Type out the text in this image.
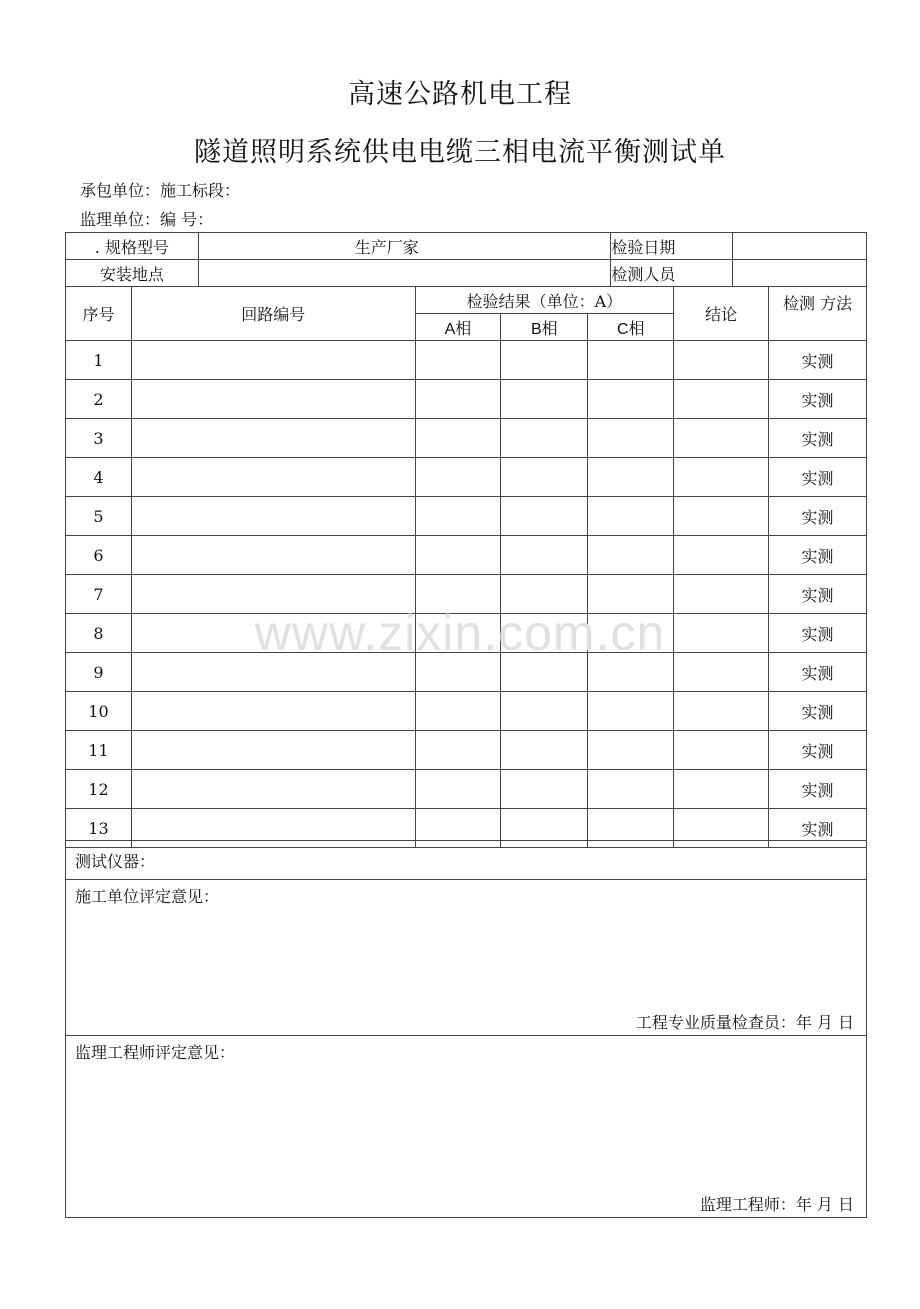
高速公路机电工程
隧道照明系统供电电缆三相电流平衡测试单
承包单位：施工标段：
监理单位：编 号：
. 规格型号	生产厂家	检验日期	
安装地点		检测人员	
序号	回路编号	检验结果（单位：A）			结论	检测 方法
		A相	B相	C相		
1						实测
2						实测
3						实测
4						实测
5						实测
6						实测
7						实测
8						实测
9						实测
10						实测
11						实测
12						实测
13						实测
测试仪器：

施工单位评定意见：
工程专业质量检查员：年 月 日

监理工程师评定意见：
监理工程师：年 月 日
www.zixin.com.cn
